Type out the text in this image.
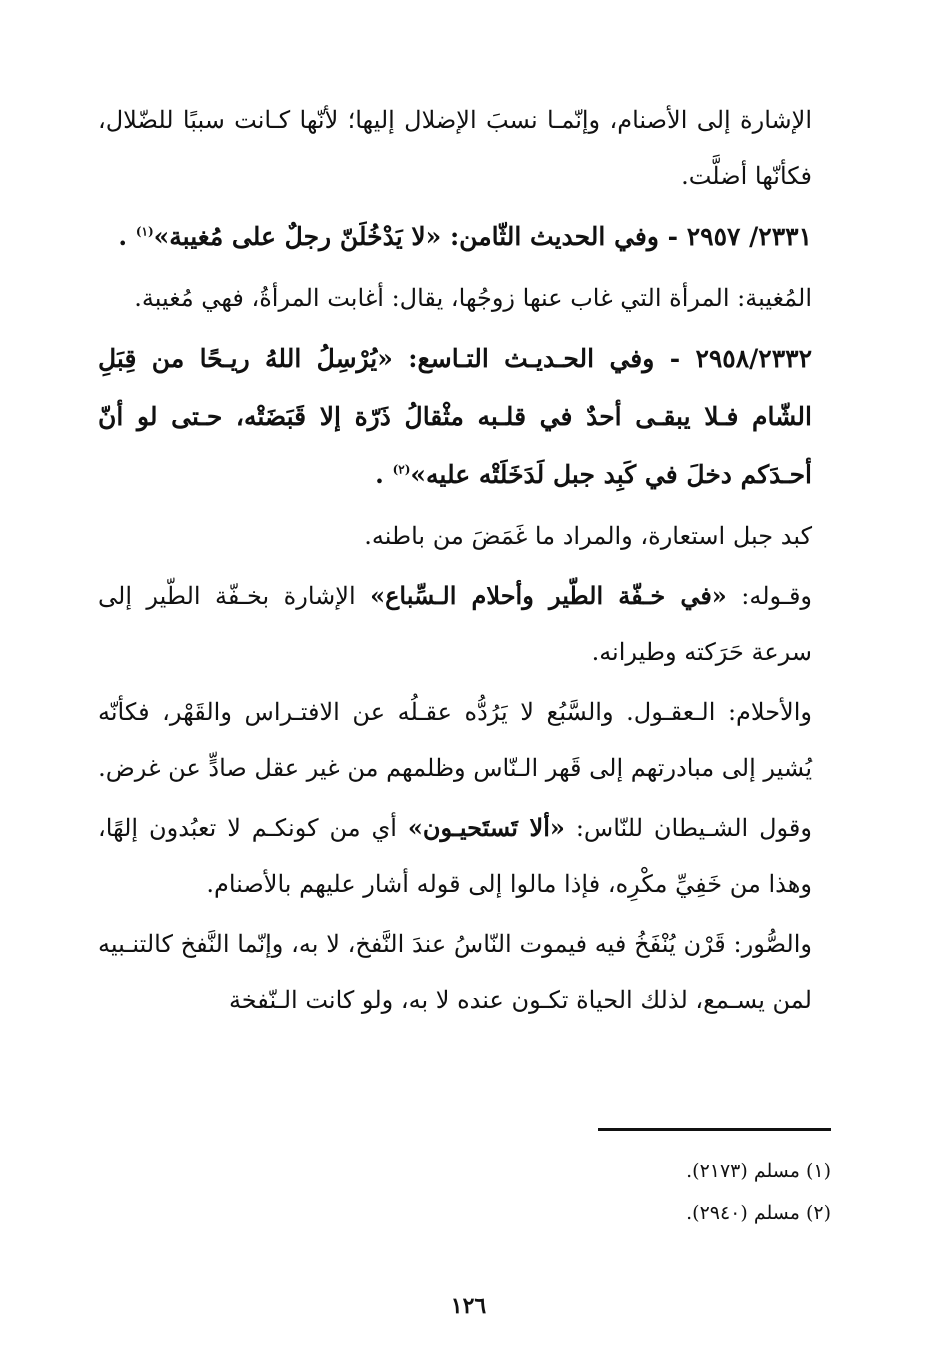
الإشارة إلى الأصنام، وإنّمـا نسبَ الإضلال إليها؛ لأنّها كـانت سببًا للضّلال، فكأنّها أضلَّت.

٢٣٣١/ ٢٩٥٧ - وفي الحديث الثّامن: «لا يَدْخُلَنّ رجلٌ على مُغيبة»$^{(١)}$ .

المُغيبة: المرأة التي غاب عنها زوجُها، يقال: أغابت المرأةُ، فهي مُغيبة.

٢٩٥٨/٢٣٣٢ - وفي الحـديـث التـاسع: «يُرْسِلُ اللهُ ريـحًا من قِبَلِ الشّام فـلا يبقـى أحدٌ في قلـبه مثْقالُ ذَرّة إلا قَبَضَتْه، حـتى لو أنّ أحـدَكم دخلَ في كَبِد جبل لَدَخَلَتْه عليه»$^{(٢)}$ .

كبد جبل استعارة، والمراد ما غَمَضَ من باطنه.

وقـوله: «في خـفّة الطّير وأحلام الـسِّباع» الإشارة بخـفّة الطّير إلى سرعة حَرَكته وطيرانه.

والأحلام: الـعقـول. والسَّبُع لا يَرُدُّه عقـلُه عن الافتـراس والقَهْر، فكأنّه يُشير إلى مبادرتهم إلى قَهر الـنّاس وظلمهم من غير عقل صادٍّ عن غرض.

وقول الشـيطان للنّاس: «ألا تَستَحيـون» أي من كونكـم لا تعبُدون إلهًا، وهذا من خَفِيِّ مكْرِه، فإذا مالوا إلى قوله أشار عليهم بالأصنام.

والصُّور: قَرْن يُنْفَخُ فيه فيموت النّاسُ عندَ النَّفخ، لا به، وإنّما النَّفخ كالتنـبيه لمن يسـمع، لذلك الحياة تكـون عنده لا به، ولو كانت الـنّفخة

(١) مسلم (٢١٧٣).
(٢) مسلم (٢٩٤٠).
١٢٦
